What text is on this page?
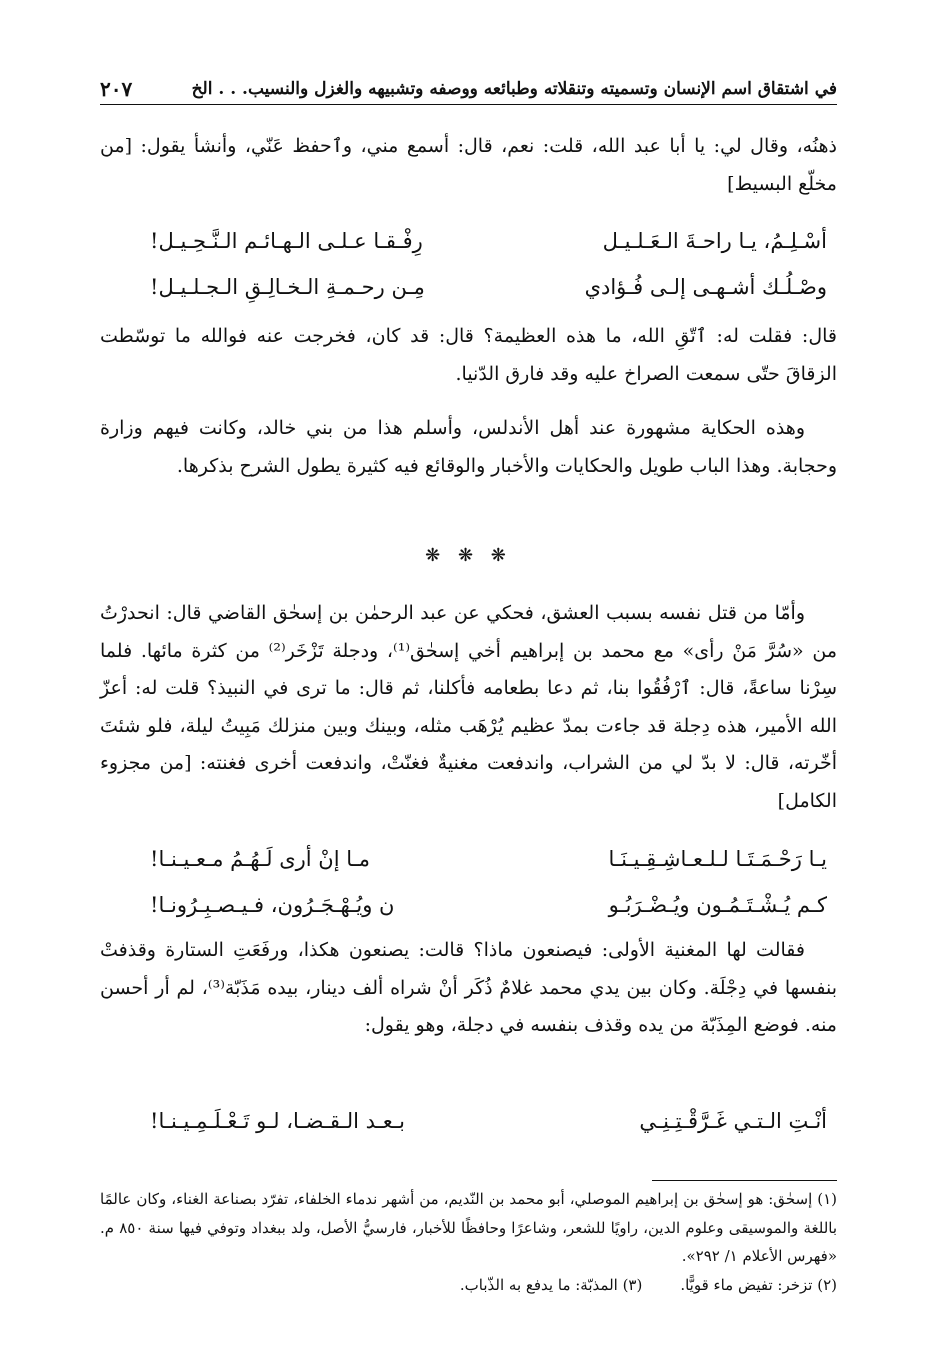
في اشتقاق اسم الإنسان وتسميته وتنقلاته وطبائعه ووصفه وتشبيهه والغزل والنسيب. . . الخ
٢٠٧

ذهنُه، وقال لي: يا أبا عبد الله، قلت: نعم، قال: أسمع مني، وٱحفظ عَنّي، وأنشأ يقول: [من مخلّع البسيط]

أسْـلِـمُ، يـا راحـةَ الـعَـلـيـل
رِفْـقـا عـلـى الـهـائـم الـنَّـحِـيـل!
وصْـلُـك أشـهـى إلـى فُـؤادي
مِـن رحـمـةِ الـخـالِـقِ الـجـلـيـل!

قال: فقلت له: ٱتّقِ الله، ما هذه العظيمة؟ قال: قد كان، فخرجت عنه فوالله ما توسّطت الزقاقَ حتّى سمعت الصراخ عليه وقد فارق الدّنيا.

وهذه الحكاية مشهورة عند أهل الأندلس، وأسلم هذا من بني خالد، وكانت فيهم وزارة وحجابة. وهذا الباب طويل والحكايات والأخبار والوقائع فيه كثيرة يطول الشرح بذكرها.

❋ ❋ ❋

وأمّا من قتل نفسه بسبب العشق، فحكي عن عبد الرحمٰن بن إسحٰق القاضي قال: انحدرْتُ من «سُرَّ مَنْ رأى» مع محمد بن إبراهيم أخي إسحٰق⁽¹⁾، ودجلة تَزْخَر⁽²⁾ من كثرة مائها. فلما سِرْنا ساعةً، قال: ٱرْفُقُوا بنا، ثم دعا بطعامه فأكلنا، ثم قال: ما ترى في النبيذ؟ قلت له: أعزّ الله الأمير، هذه دِجلة قد جاءت بمدّ عظيم يُرْهَب مثله، وبينك وبين منزلك مَبِيتُ ليلة، فلو شئتَ أخّرته، قال: لا بدّ لي من الشراب، واندفعت مغنيةٌ فغنّتْ، واندفعت أخرى فغنته: [من مجزوء الكامل]

يـا رَحْـمَـتَـا لـلـعـاشِـقِـيـنَـا
مـا إنْ أرى لَـهُـمُ مـعـيـنـا!
كـم يُـشْـتَـمُـون ويُـضْـرَبُـو
ن ويُـهْـجَـرُون، فـيـصـبِـرُونـا!

فقالت لها المغنية الأولى: فيصنعون ماذا؟ قالت: يصنعون هكذا، ورفَعَتِ الستارة وقذفتْ بنفسها في دِجْلَة. وكان بين يدي محمد غلامٌ ذُكَر أنْ شراه ألف دينار، بيده مَذَبّة⁽³⁾، لم أر أحسن منه. فوضع المِذَبّة من يده وقذف بنفسه في دجلة، وهو يقول:

أنْـتِ الـتـي غَـرَّقْـتِـنِـي
بـعـد الـقـضـا، لـو تَـعْـلَـمِـيـنـا!

(١) إسحٰق: هو إسحٰق بن إبراهيم الموصلي، أبو محمد بن النّديم، من أشهر ندماء الخلفاء، تفرّد بصناعة الغناء، وكان عالمًا باللغة والموسيقى وعلوم الدين، راويًا للشعر، وشاعرًا وحافظًا للأخبار، فارسيُّ الأصل، ولد ببغداد وتوفي فيها سنة ٨٥٠ م. «فهرس الأعلام ١/ ٢٩٢».

(٢) تزخر: تفيض ماء قويًّا.
(٣) المذبّة: ما يدفع به الذّباب.
